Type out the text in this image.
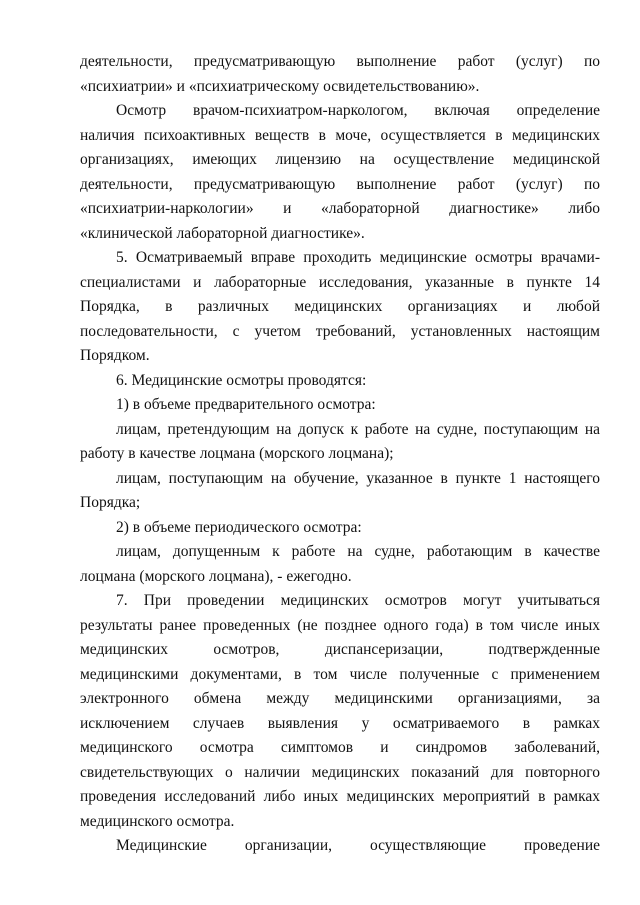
деятельности, предусматривающую выполнение работ (услуг) по
«психиатрии» и «психиатрическому освидетельствованию».

Осмотр врачом-психиатром-наркологом, включая определение
наличия психоактивных веществ в моче, осуществляется в медицинских
организациях, имеющих лицензию на осуществление медицинской
деятельности, предусматривающую выполнение работ (услуг) по
«психиатрии-наркологии» и «лабораторной диагностике» либо
«клинической лабораторной диагностике».

5. Осматриваемый вправе проходить медицинские осмотры врачами-
специалистами и лабораторные исследования, указанные в пункте 14
Порядка, в различных медицинских организациях и любой
последовательности, с учетом требований, установленных настоящим
Порядком.

6. Медицинские осмотры проводятся:

1) в объеме предварительного осмотра:

лицам, претендующим на допуск к работе на судне, поступающим на
работу в качестве лоцмана (морского лоцмана);

лицам, поступающим на обучение, указанное в пункте 1 настоящего
Порядка;

2) в объеме периодического осмотра:

лицам, допущенным к работе на судне, работающим в качестве
лоцмана (морского лоцмана), - ежегодно.

7. При проведении медицинских осмотров могут учитываться
результаты ранее проведенных (не позднее одного года) в том числе иных
медицинских осмотров, диспансеризации, подтвержденные
медицинскими документами, в том числе полученные с применением
электронного обмена между медицинскими организациями, за
исключением случаев выявления у осматриваемого в рамках
медицинского осмотра симптомов и синдромов заболеваний,
свидетельствующих о наличии медицинских показаний для повторного
проведения исследований либо иных медицинских мероприятий в рамках
медицинского осмотра.

Медицинские организации, осуществляющие проведение
